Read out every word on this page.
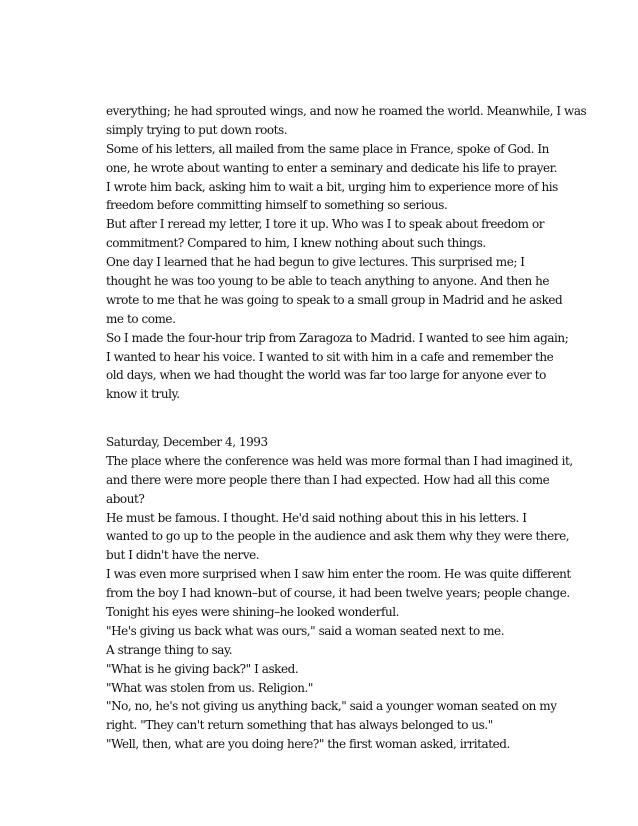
everything; he had sprouted wings, and now he roamed the world. Meanwhile, I was
simply trying to put down roots.
Some of his letters, all mailed from the same place in France, spoke of God. In
one, he wrote about wanting to enter a seminary and dedicate his life to prayer.
I wrote him back, asking him to wait a bit, urging him to experience more of his
freedom before committing himself to something so serious.
But after I reread my letter, I tore it up. Who was I to speak about freedom or
commitment? Compared to him, I knew nothing about such things.
One day I learned that he had begun to give lectures. This surprised me; I
thought he was too young to be able to teach anything to anyone. And then he
wrote to me that he was going to speak to a small group in Madrid and he asked
me to come.
So I made the four-hour trip from Zaragoza to Madrid. I wanted to see him again;
I wanted to hear his voice. I wanted to sit with him in a cafe and remember the
old days, when we had thought the world was far too large for anyone ever to
know it truly.
Saturday, December 4, 1993
The place where the conference was held was more formal than I had imagined it,
and there were more people there than I had expected. How had all this come
about?
He must be famous. I thought. He'd said nothing about this in his letters. I
wanted to go up to the people in the audience and ask them why they were there,
but I didn't have the nerve.
I was even more surprised when I saw him enter the room. He was quite different
from the boy I had known–but of course, it had been twelve years; people change.
Tonight his eyes were shining–he looked wonderful.
"He's giving us back what was ours," said a woman seated next to me.
A strange thing to say.
"What is he giving back?" I asked.
"What was stolen from us. Religion."
"No, no, he's not giving us anything back," said a younger woman seated on my
right. "They can't return something that has always belonged to us."
"Well, then, what are you doing here?" the first woman asked, irritated.
